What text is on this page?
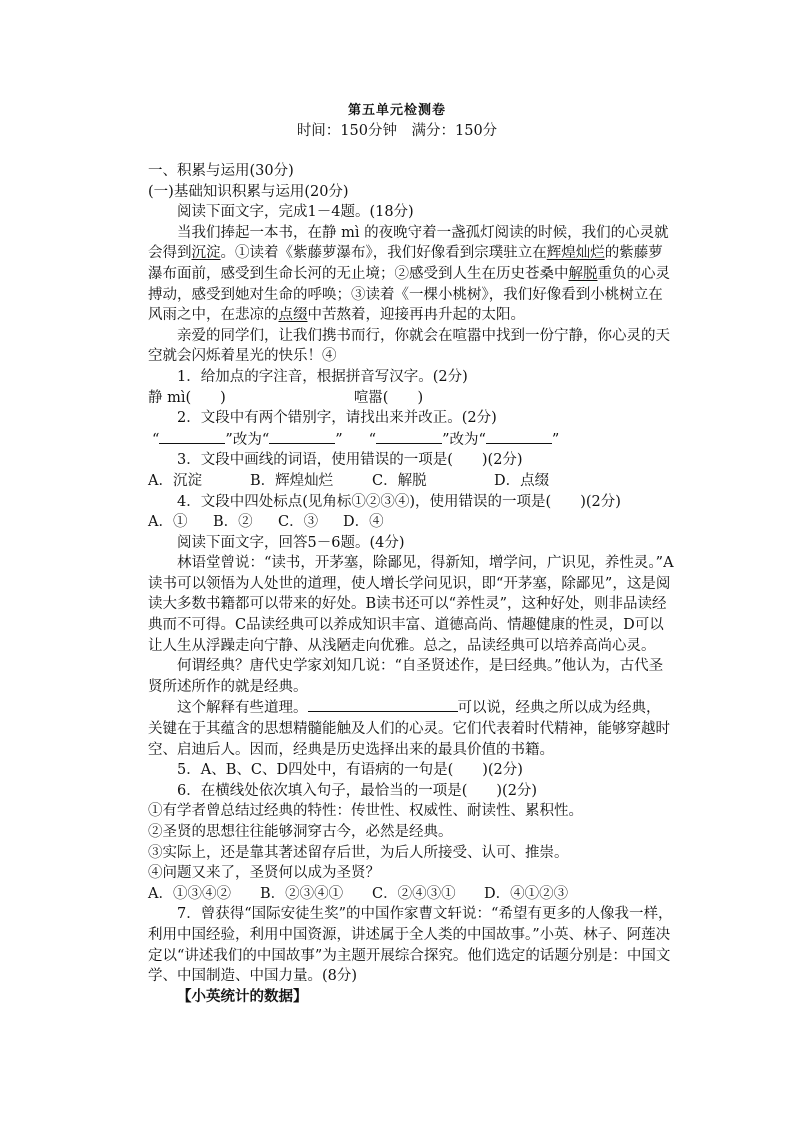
第五单元检测卷
时间：150分钟　满分：150分

一、积累与运用(30分)

(一)基础知识积累与运用(20分)

阅读下面文字，完成1－4题。(18分)

当我们捧起一本书，在静 mì 的夜晚守着一盏孤灯阅读的时候，我们的心灵就会得到沉淀。①读着《紫藤萝瀑布》，我们好像看到宗璞驻立在辉煌灿烂的紫藤萝瀑布面前，感受到生命长河的无止境；②感受到人生在历史苍桑中解脱重负的心灵搏动，感受到她对生命的呼唤；③读着《一棵小桃树》，我们好像看到小桃树立在风雨之中，在悲凉的点缀中苦熬着，迎接再冉升起的太阳。

亲爱的同学们，让我们携书而行，你就会在喧嚣中找到一份宁静，你心灵的天空就会闪烁着星光的快乐！④

1．给加点的字注音，根据拼音写汉字。(2分)

静 mì(　　)	喧嚣(　　)

2．文段中有两个错别字，请找出来并改正。(2分)

“	”改为“	” “	”改为“	”

3．文段中画线的词语，使用错误的一项是(　　)(2分)

A．沉淀	B．辉煌灿烂	C．解脱	D．点缀

4．文段中四处标点(见角标①②③④)，使用错误的一项是(　　)(2分)

A．① B．② C．③ D．④

阅读下面文字，回答5－6题。(4分)

林语堂曾说：“读书，开茅塞，除鄙见，得新知，增学问，广识见，养性灵。”A读书可以领悟为人处世的道理，使人增长学问见识，即“开茅塞，除鄙见”，这是阅读大多数书籍都可以带来的好处。B读书还可以“养性灵”，这种好处，则非品读经典而不可得。C品读经典可以养成知识丰富、道德高尚、情趣健康的性灵，D可以让人生从浮躁走向宁静、从浅陋走向优雅。总之，品读经典可以培养高尚心灵。

何谓经典？唐代史学家刘知几说：“自圣贤述作，是曰经典。”他认为，古代圣贤所述所作的就是经典。

这个解释有些道理。	可以说，经典之所以成为经典，关键在于其蕴含的思想精髓能触及人们的心灵。它们代表着时代精神，能够穿越时空、启迪后人。因而，经典是历史选择出来的最具价值的书籍。

5．A、B、C、D四处中，有语病的一句是(　　)(2分)

6．在横线处依次填入句子，最恰当的一项是(　　)(2分)

①有学者曾总结过经典的特性：传世性、权威性、耐读性、累积性。

②圣贤的思想往往能够洞穿古今，必然是经典。

③实际上，还是靠其著述留存后世，为后人所接受、认可、推崇。

④问题又来了，圣贤何以成为圣贤？

A．①③④② B．②③④① C．②④③① D．④①②③

7．曾获得“国际安徒生奖”的中国作家曹文轩说：“希望有更多的人像我一样，利用中国经验，利用中国资源，讲述属于全人类的中国故事。”小英、林子、阿莲决定以“讲述我们的中国故事”为主题开展综合探究。他们选定的话题分别是：中国文学、中国制造、中国力量。(8分)

【小英统计的数据】
